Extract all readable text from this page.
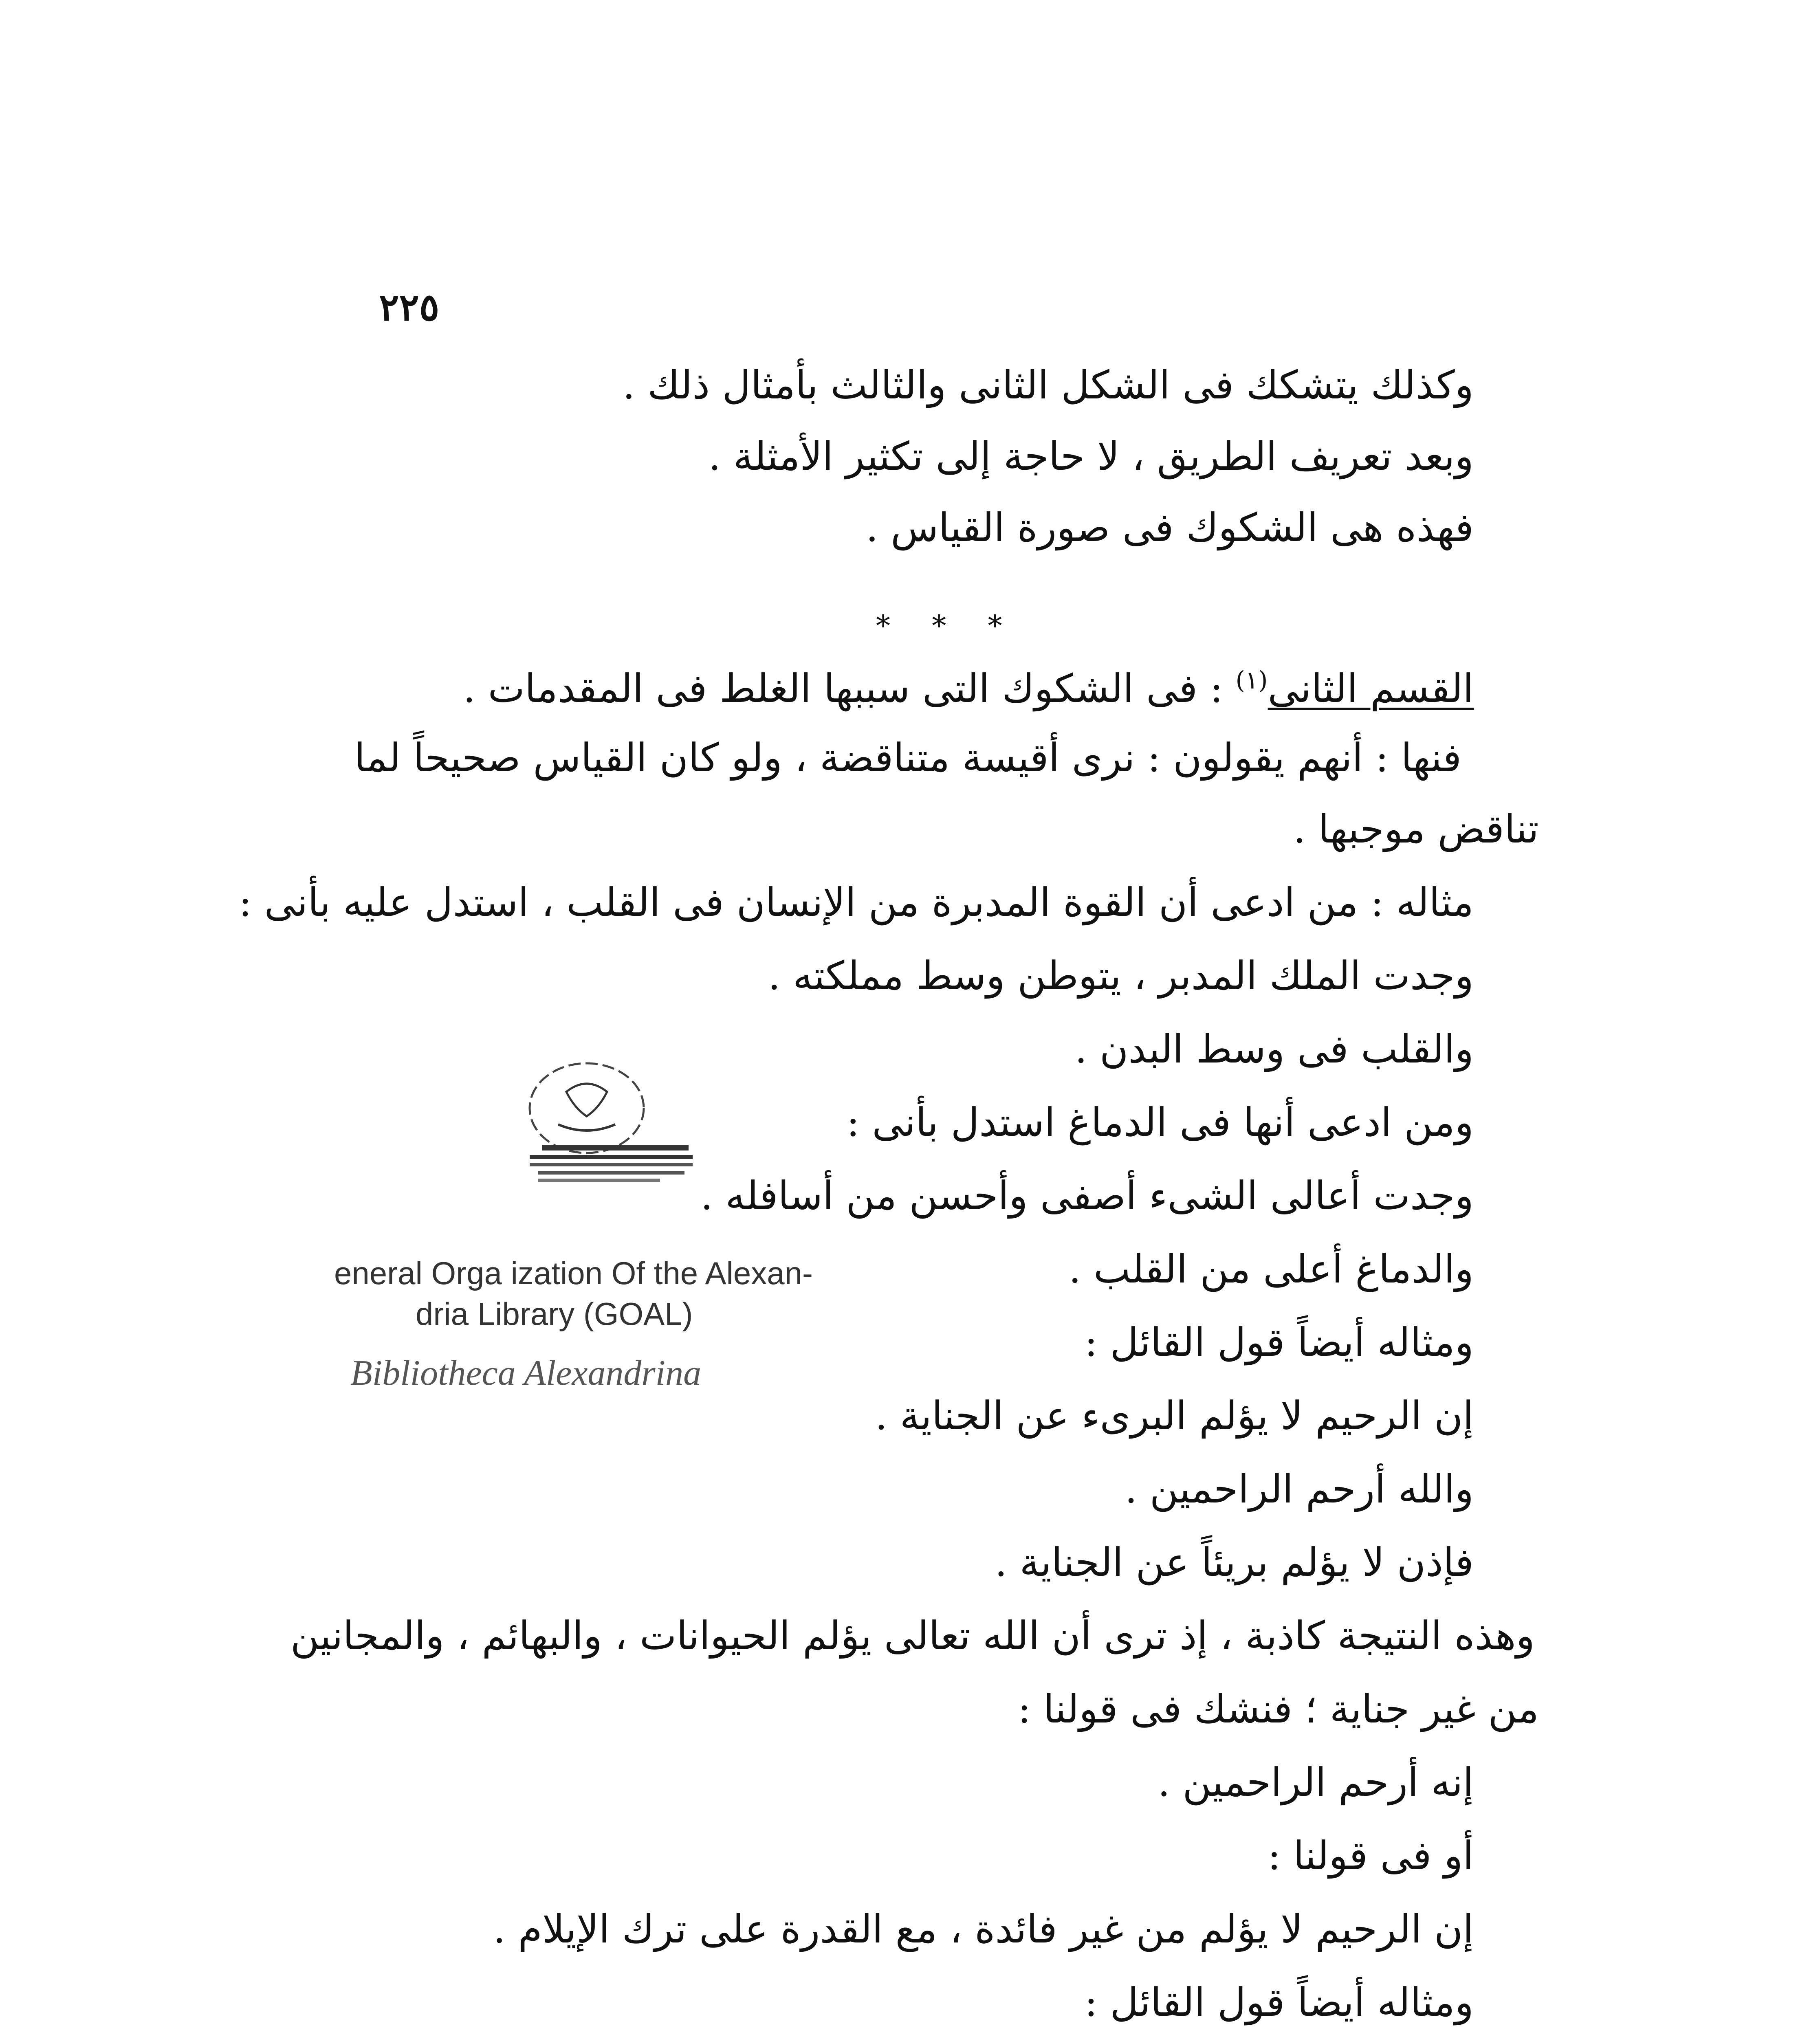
٢٢٥
وكذلك يتشكك فى الشكل الثانى والثالث بأمثال ذلك .
وبعد تعريف الطريق ، لا حاجة إلى تكثير الأمثلة .
فهذه هى الشكوك فى صورة القياس .
* * *
القسم الثانى$^{(١)}$ : فى الشكوك التى سببها الغلط فى المقدمات .
فنها : أنهم يقولون : نرى أقيسة متناقضة ، ولو كان القياس صحيحاً لما
تناقض موجبها .
مثاله : من ادعى أن القوة المدبرة من الإنسان فى القلب ، استدل عليه بأنى :
وجدت الملك المدبر ، يتوطن وسط مملكته .
والقلب فى وسط البدن .
ومن ادعى أنها فى الدماغ استدل بأنى :
وجدت أعالى الشىء أصفى وأحسن من أسافله .
والدماغ أعلى من القلب .
ومثاله أيضاً قول القائل :
إن الرحيم لا يؤلم البرىء عن الجناية .
والله أرحم الراحمين .
فإذن لا يؤلم بريئاً عن الجناية .
وهذه النتيجة كاذبة ، إذ ترى أن الله تعالى يؤلم الحيوانات ، والبهائم ، والمجانين
من غير جناية ؛ فنشك فى قولنا :
إنه أرحم الراحمين .
أو فى قولنا :
إن الرحيم لا يؤلم من غير فائدة ، مع القدرة على ترك الإيلام .
ومثاله أيضاً قول القائل :
eneral Orga ization Of the Alexan-
dria Library (GOAL)
Bibliotheca Alexandrina
